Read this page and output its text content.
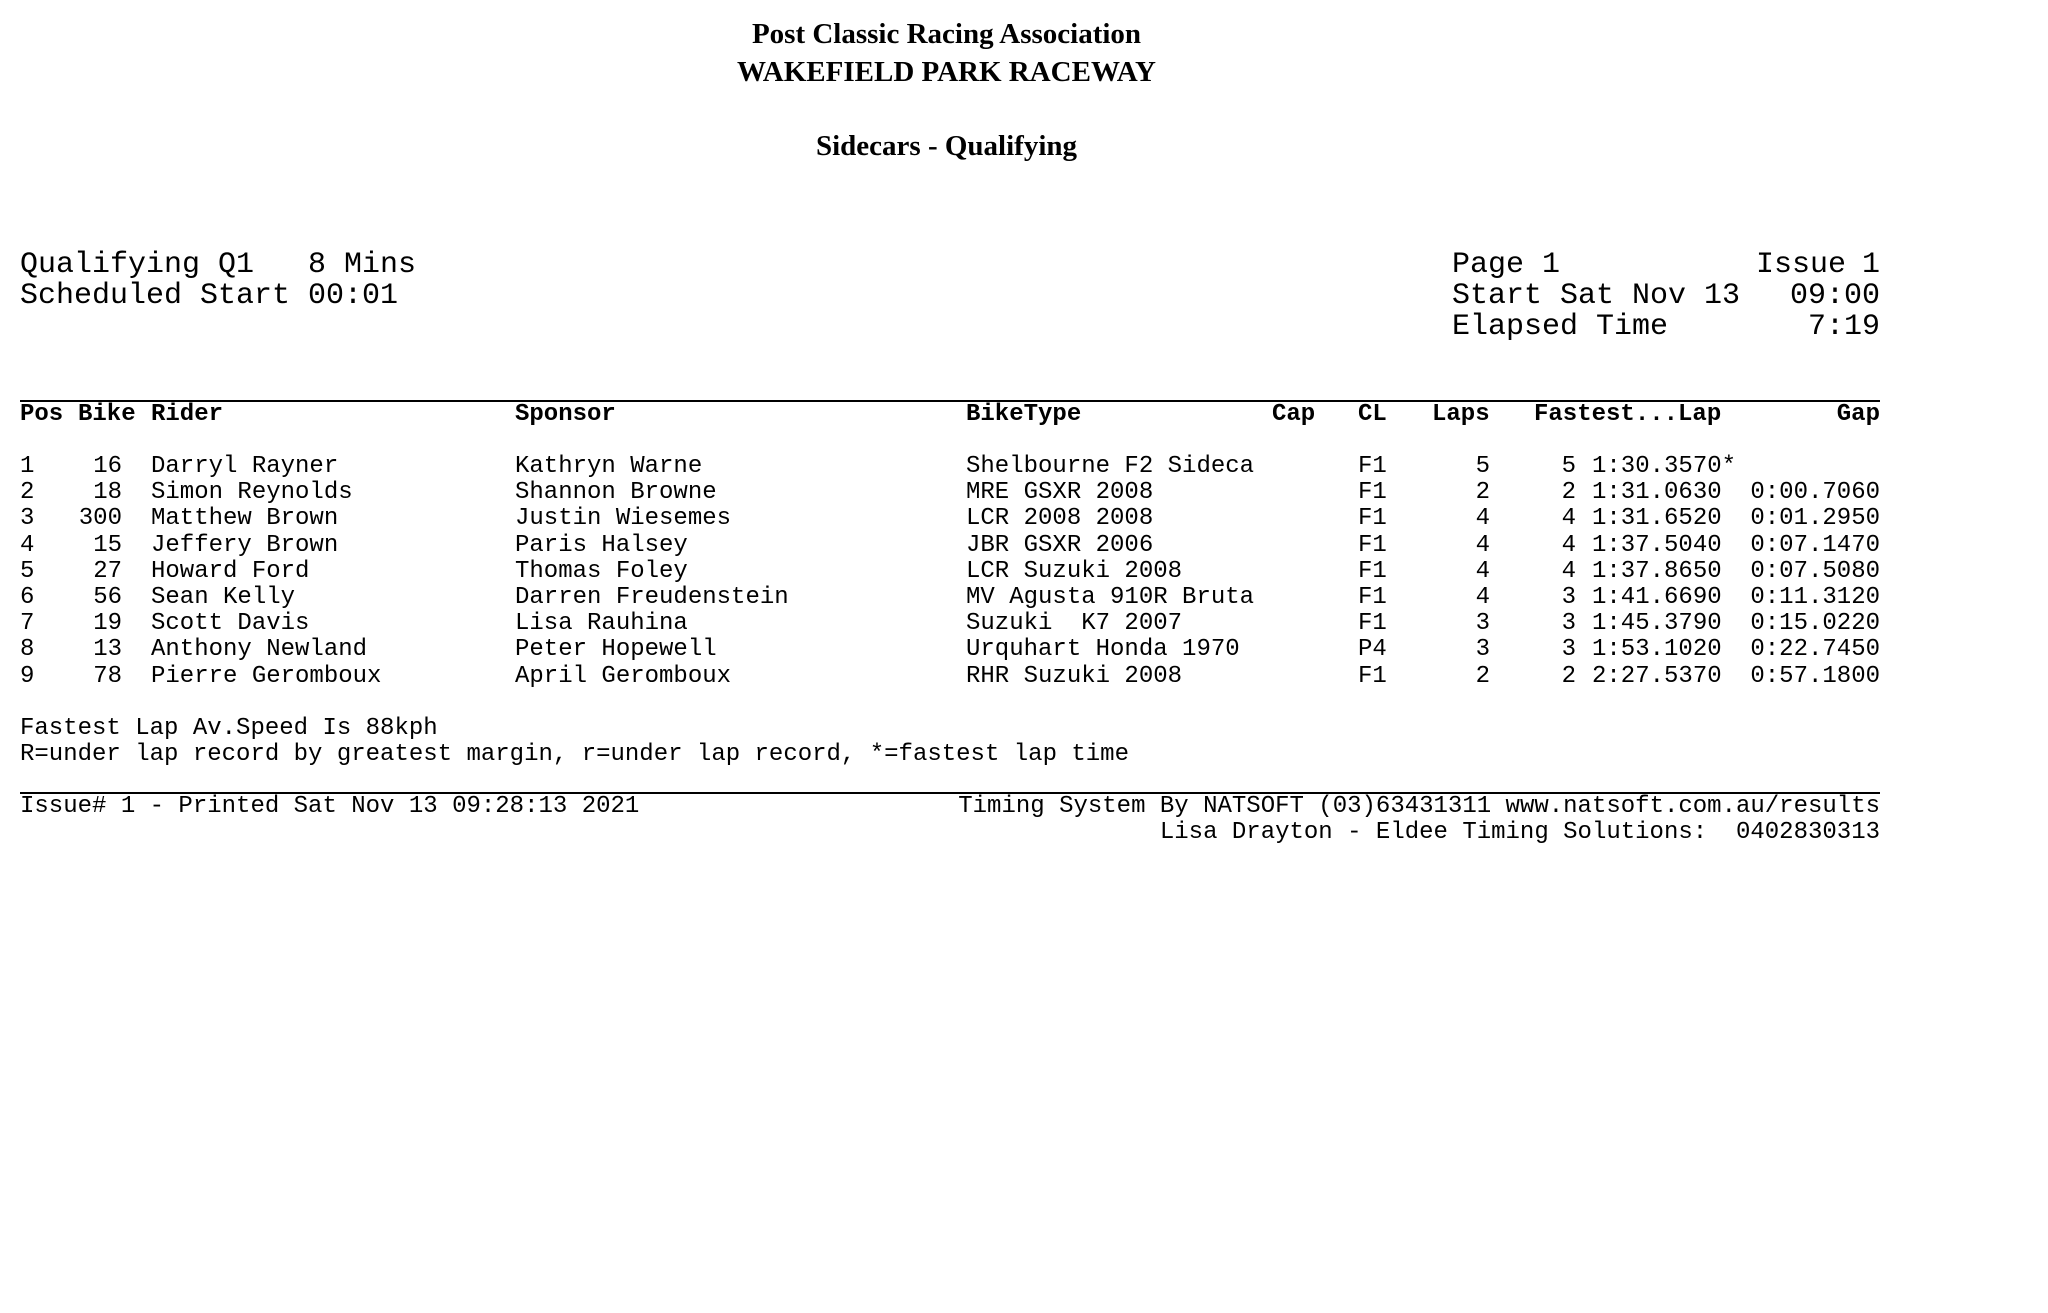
Post Classic Racing Association
WAKEFIELD PARK RACEWAY
Sidecars - Qualifying
Qualifying Q1 8 Mins
Scheduled Start 00:01
Page 1	Issue 1
Start Sat Nov 13	09:00
Elapsed Time	7:19
Pos Bike Rider	Sponsor	BikeType	Cap CL Laps Fastest...Lap	Gap
1	16 Darryl Rayner	Kathryn Warne	Shelbourne F2 Sideca	F1	5	5 1:30.3570*
2	18 Simon Reynolds	Shannon Browne	MRE GSXR 2008	F1	2	2 1:31.0630	0:00.7060
3	300 Matthew Brown	Justin Wiesemes	LCR 2008 2008	F1	4	4 1:31.6520	0:01.2950
4	15 Jeffery Brown	Paris Halsey	JBR GSXR 2006	F1	4	4 1:37.5040	0:07.1470
5	27 Howard Ford	Thomas Foley	LCR Suzuki 2008	F1	4	4 1:37.8650	0:07.5080
6	56 Sean Kelly	Darren Freudenstein	MV Agusta 910R Bruta	F1	4	3 1:41.6690	0:11.3120
7	19 Scott Davis	Lisa Rauhina	Suzuki  K7 2007	F1	3	3 1:45.3790	0:15.0220
8	13 Anthony Newland	Peter Hopewell	Urquhart Honda 1970	P4	3	3 1:53.1020	0:22.7450
9	78 Pierre Geromboux	April Geromboux	RHR Suzuki 2008	F1	2	2 2:27.5370	0:57.1800
Fastest Lap Av.Speed Is 88kph
R=under lap record by greatest margin, r=under lap record, *=fastest lap time
Issue# 1 - Printed Sat Nov 13 09:28:13 2021	Timing System By NATSOFT (03)63431311 www.natsoft.com.au/results
Lisa Drayton - Eldee Timing Solutions:  0402830313
